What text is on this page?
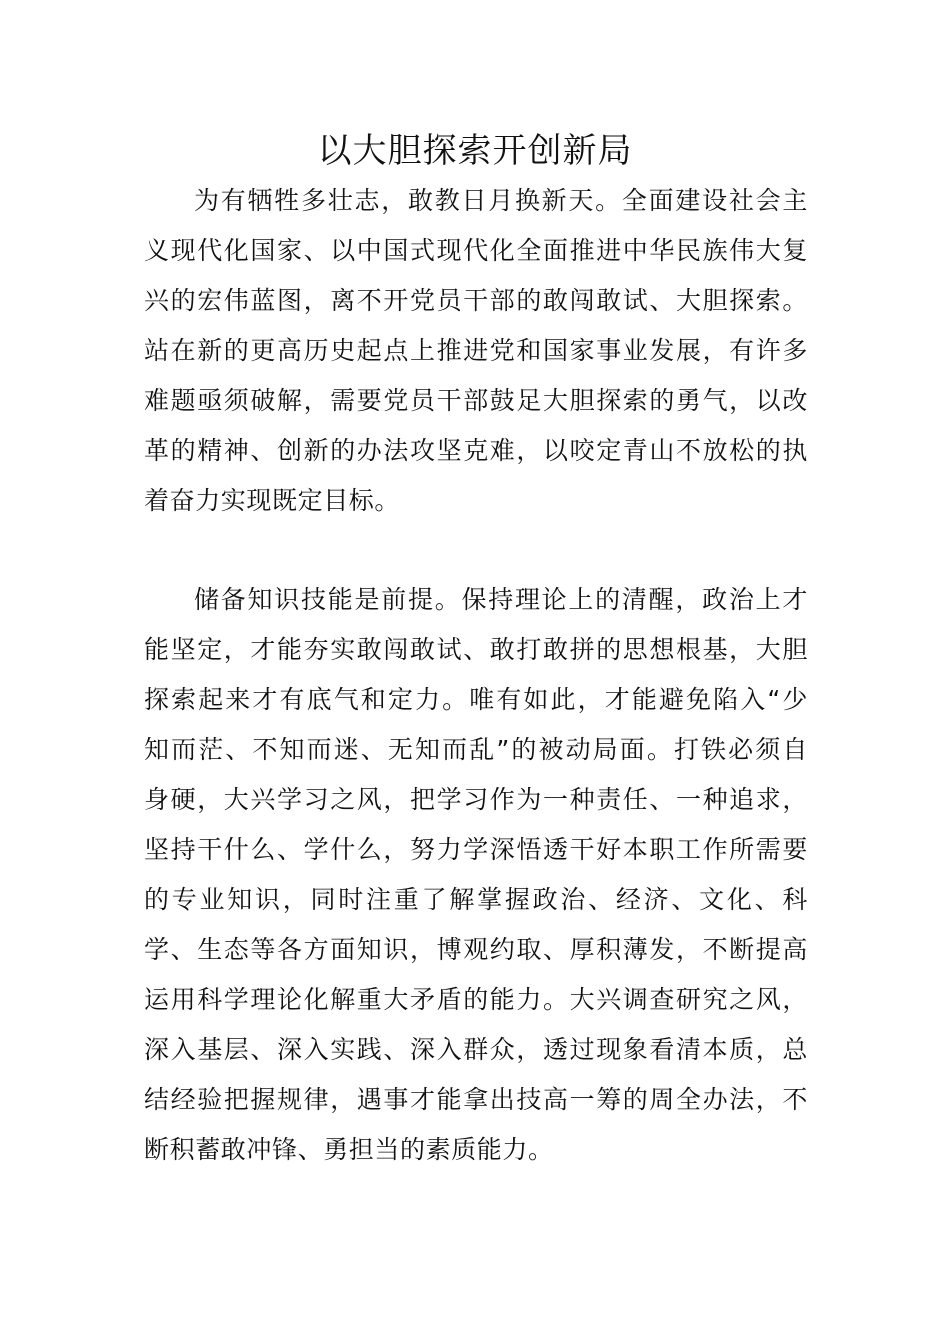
以大胆探索开创新局
为有牺牲多壮志，敢教日月换新天。全面建设社会主
义现代化国家、以中国式现代化全面推进中华民族伟大复
兴的宏伟蓝图，离不开党员干部的敢闯敢试、大胆探索。
站在新的更高历史起点上推进党和国家事业发展，有许多
难题亟须破解，需要党员干部鼓足大胆探索的勇气，以改
革的精神、创新的办法攻坚克难，以咬定青山不放松的执
着奋力实现既定目标。
储备知识技能是前提。保持理论上的清醒，政治上才
能坚定，才能夯实敢闯敢试、敢打敢拼的思想根基，大胆
探索起来才有底气和定力。唯有如此，才能避免陷入“少
知而茫、不知而迷、无知而乱”的被动局面。打铁必须自
身硬，大兴学习之风，把学习作为一种责任、一种追求，
坚持干什么、学什么，努力学深悟透干好本职工作所需要
的专业知识，同时注重了解掌握政治、经济、文化、科
学、生态等各方面知识，博观约取、厚积薄发，不断提高
运用科学理论化解重大矛盾的能力。大兴调查研究之风，
深入基层、深入实践、深入群众，透过现象看清本质，总
结经验把握规律，遇事才能拿出技高一筹的周全办法，不
断积蓄敢冲锋、勇担当的素质能力。
